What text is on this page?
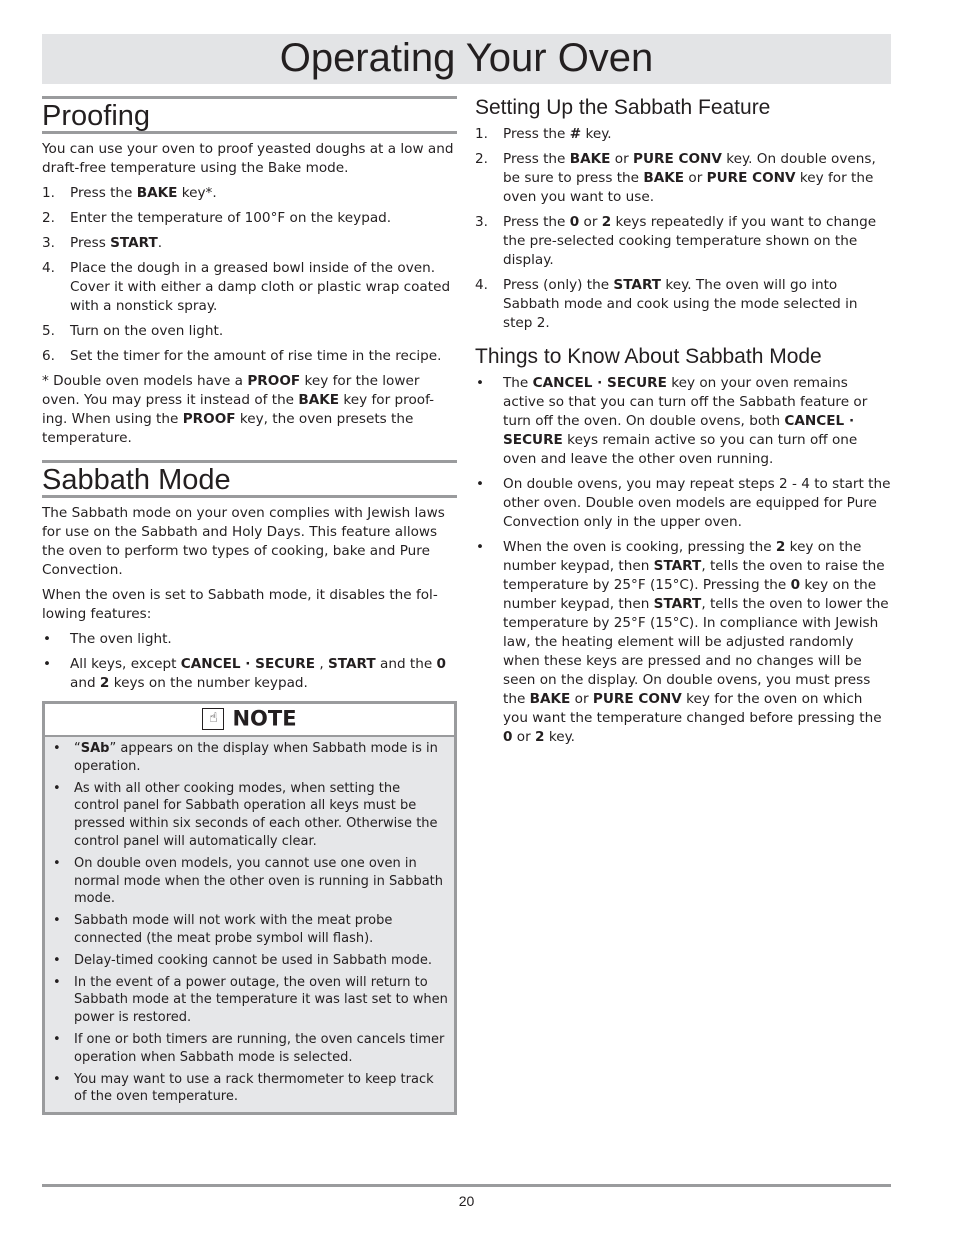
Operating Your Oven
Proofing

You can use your oven to proof yeasted doughs at a low and draft-free temperature using the Bake mode.

1. Press the BAKE key*.
2. Enter the temperature of 100°F on the keypad.
3. Press START.
4. Place the dough in a greased bowl inside of the oven. Cover it with either a damp cloth or plastic wrap coated with a nonstick spray.
5. Turn on the oven light.
6. Set the timer for the amount of rise time in the recipe.

* Double oven models have a PROOF key for the lower oven. You may press it instead of the BAKE key for proof-ing. When using the PROOF key, the oven presets the temperature.

Sabbath Mode

The Sabbath mode on your oven complies with Jewish laws for use on the Sabbath and Holy Days. This feature allows the oven to perform two types of cooking, bake and Pure Convection.

When the oven is set to Sabbath mode, it disables the fol-lowing features:

• The oven light.
• All keys, except CANCEL · SECURE , START and the 0 and 2 keys on the number keypad.
☝ NOTE
• “SAb” appears on the display when Sabbath mode is in operation.
• As with all other cooking modes, when setting the control panel for Sabbath operation all keys must be pressed within six seconds of each other. Otherwise the control panel will automatically clear.
• On double oven models, you cannot use one oven in normal mode when the other oven is running in Sabbath mode.
• Sabbath mode will not work with the meat probe connected (the meat probe symbol will flash).
• Delay-timed cooking cannot be used in Sabbath mode.
• In the event of a power outage, the oven will return to Sabbath mode at the temperature it was last set to when power is restored.
• If one or both timers are running, the oven cancels timer operation when Sabbath mode is selected.
• You may want to use a rack thermometer to keep track of the oven temperature.
Setting Up the Sabbath Feature
1. Press the # key.
2. Press the BAKE or PURE CONV key. On double ovens, be sure to press the BAKE or PURE CONV key for the oven you want to use.
3. Press the 0 or 2 keys repeatedly if you want to change the pre-selected cooking temperature shown on the display.
4. Press (only) the START key. The oven will go into Sabbath mode and cook using the mode selected in step 2.
Things to Know About Sabbath Mode
• The CANCEL · SECURE key on your oven remains active so that you can turn off the Sabbath feature or turn off the oven. On double ovens, both CANCEL · SECURE keys remain active so you can turn off one oven and leave the other oven running.
• On double ovens, you may repeat steps 2 - 4 to start the other oven. Double oven models are equipped for Pure Convection only in the upper oven.
• When the oven is cooking, pressing the 2 key on the number keypad, then START, tells the oven to raise the temperature by 25°F (15°C). Pressing the 0 key on the number keypad, then START, tells the oven to lower the temperature by 25°F (15°C). In compliance with Jewish law, the heating element will be adjusted randomly when these keys are pressed and no changes will be seen on the display. On double ovens, you must press the BAKE or PURE CONV key for the oven on which you want the temperature changed before pressing the 0 or 2 key.
20
